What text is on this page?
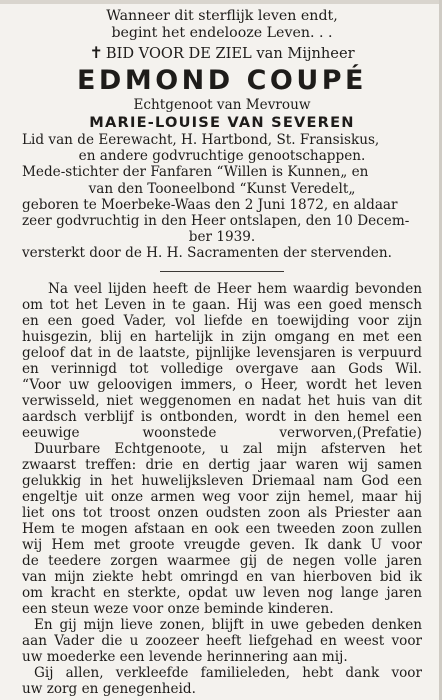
Wanneer dit sterflijk leven endt,
begint het endelooze Leven. . .
✝ BID VOOR DE ZIEL van Mijnheer
EDMOND COUPÉ
Echtgenoot van Mevrouw
MARIE-LOUISE VAN SEVEREN
Lid van de Eerewacht, H. Hartbond, St. Fransiskus,
en andere godvruchtige genootschappen.
Mede-stichter der Fanfaren “Willen is Kunnen„ en
van den Tooneelbond “Kunst Veredelt„
geboren te Moerbeke-Waas den 2 Juni 1872, en aldaar
zeer godvruchtig in den Heer ontslapen, den 10 Decem-
ber 1939.
versterkt door de H. H. Sacramenten der stervenden.
Na veel lijden heeft de Heer hem waardig bevonden
om tot het Leven in te gaan. Hij was een goed mensch
en een goed Vader, vol liefde en toewijding voor zijn
huisgezin, blij en hartelijk in zijn omgang en met een
geloof dat in de laatste, pijnlijke levensjaren is verpuurd
en verinnigd tot volledige overgave aan Gods Wil.
“Voor uw geloovigen immers, o Heer, wordt het leven
verwisseld, niet weggenomen en nadat het huis van dit
aardsch verblijf is ontbonden, wordt in den hemel een
eeuwige woonstede verworven,(Prefatie)
Duurbare Echtgenoote, u zal mijn afsterven het
zwaarst treffen: drie en dertig jaar waren wij samen
gelukkig in het huwelijksleven Driemaal nam God een
engeltje uit onze armen weg voor zijn hemel, maar hij
liet ons tot troost onzen oudsten zoon als Priester aan
Hem te mogen afstaan en ook een tweeden zoon zullen
wij Hem met groote vreugde geven. Ik dank U voor
de teedere zorgen waarmee gij de negen volle jaren
van mijn ziekte hebt omringd en van hierboven bid ik
om kracht en sterkte, opdat uw leven nog lange jaren
een steun weze voor onze beminde kinderen.
En gij mijn lieve zonen, blijft in uwe gebeden denken
aan Vader die u zoozeer heeft liefgehad en weest voor
uw moederke een levende herinnering aan mij.
Gij allen, verkleefde familieleden, hebt dank voor
uw zorg en genegenheid.
